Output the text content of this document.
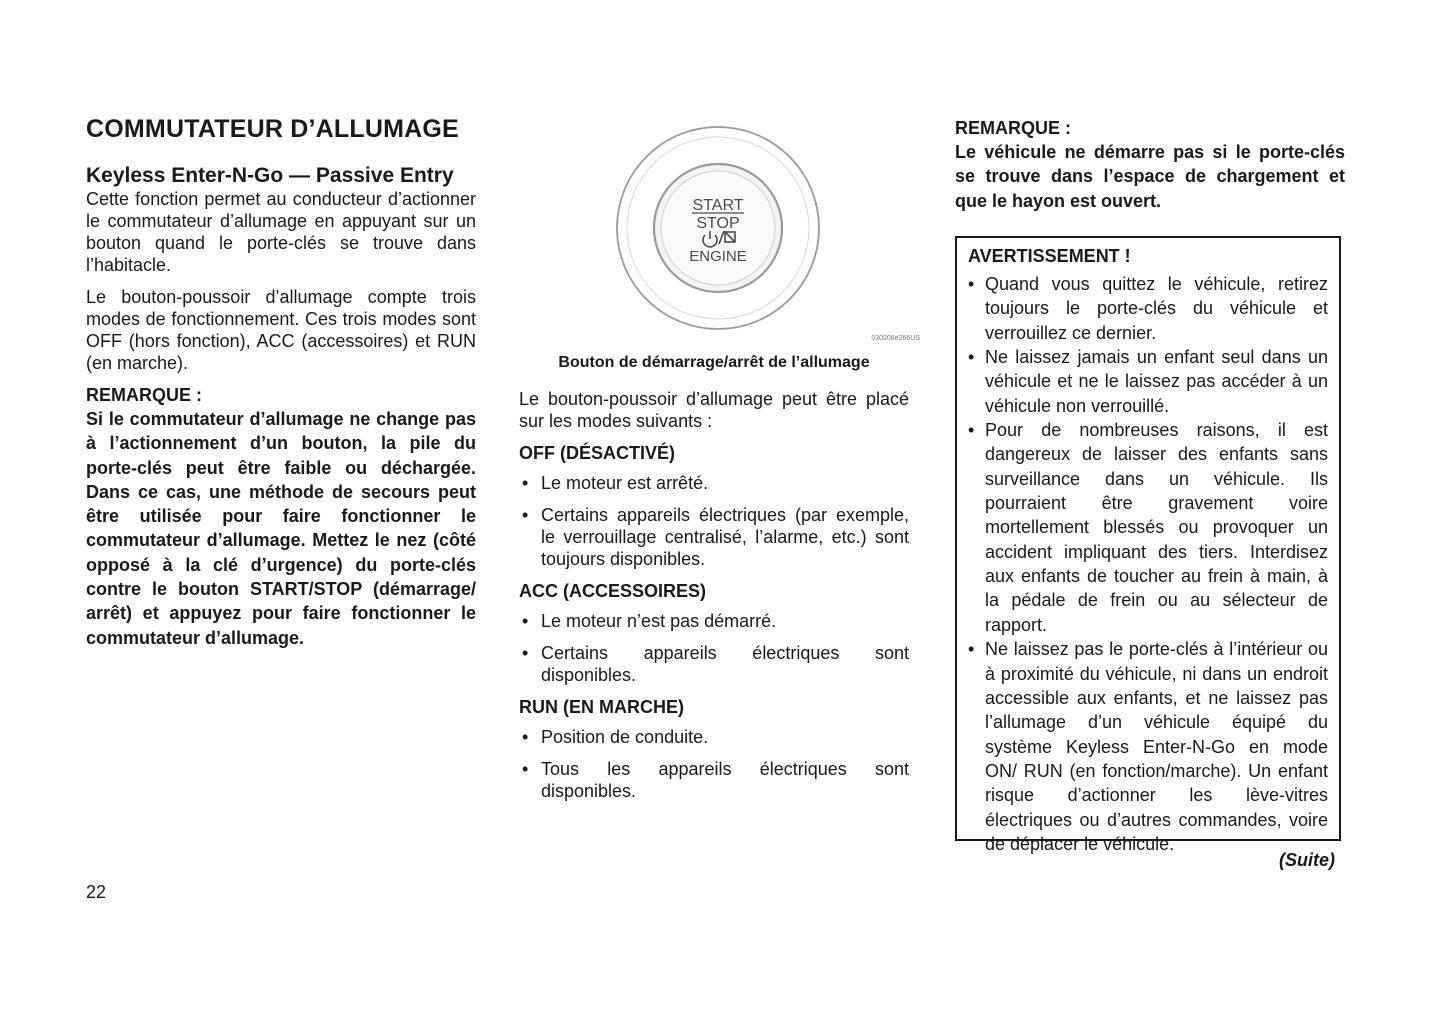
COMMUTATEUR D’ALLUMAGE
Keyless Enter-N-Go — Passive Entry

Cette fonction permet au conducteur d’actionner le commutateur d’allumage en appuyant sur un bouton quand le porte-clés se trouve dans l’habitacle.

Le bouton-poussoir d’allumage compte trois modes de fonctionnement. Ces trois modes sont OFF (hors fonction), ACC (accessoires) et RUN (en marche).

REMARQUE :

Si le commutateur d’allumage ne change pas à l’actionnement d’un bouton, la pile du porte-clés peut être faible ou déchargée. Dans ce cas, une méthode de secours peut être utilisée pour faire fonctionner le commutateur d’allumage. Mettez le nez (côté opposé à la clé d’urgence) du porte-clés contre le bouton START/STOP (démarrage/ arrêt) et appuyez pour faire fonctionner le commutateur d’allumage.

START
STOP
ENGINE
030208e266US
Bouton de démarrage/arrêt de l’allumage

Le bouton-poussoir d’allumage peut être placé sur les modes suivants :

OFF (DÉSACTIVÉ)

• Le moteur est arrêté.
• Certains appareils électriques (par exemple, le verrouillage centralisé, l’alarme, etc.) sont toujours disponibles.

ACC (ACCESSOIRES)

• Le moteur n’est pas démarré.
• Certains appareils électriques sont disponibles.

RUN (EN MARCHE)

• Position de conduite.
• Tous les appareils électriques sont disponibles.

REMARQUE :

Le véhicule ne démarre pas si le porte-clés se trouve dans l’espace de chargement et que le hayon est ouvert.

AVERTISSEMENT !

• Quand vous quittez le véhicule, retirez toujours le porte-clés du véhicule et verrouillez ce dernier.
• Ne laissez jamais un enfant seul dans un véhicule et ne le laissez pas accéder à un véhicule non verrouillé.
• Pour de nombreuses raisons, il est dangereux de laisser des enfants sans surveillance dans un véhicule. Ils pourraient être gravement voire mortellement blessés ou provoquer un accident impliquant des tiers. Interdisez aux enfants de toucher au frein à main, à la pédale de frein ou au sélecteur de rapport.
• Ne laissez pas le porte-clés à l’intérieur ou à proximité du véhicule, ni dans un endroit accessible aux enfants, et ne laissez pas l’allumage d’un véhicule équipé du système Keyless Enter-N-Go en mode ON/ RUN (en fonction/marche). Un enfant risque d’actionner les lève-vitres électriques ou d’autres commandes, voire de déplacer le véhicule.
(Suite)
22
